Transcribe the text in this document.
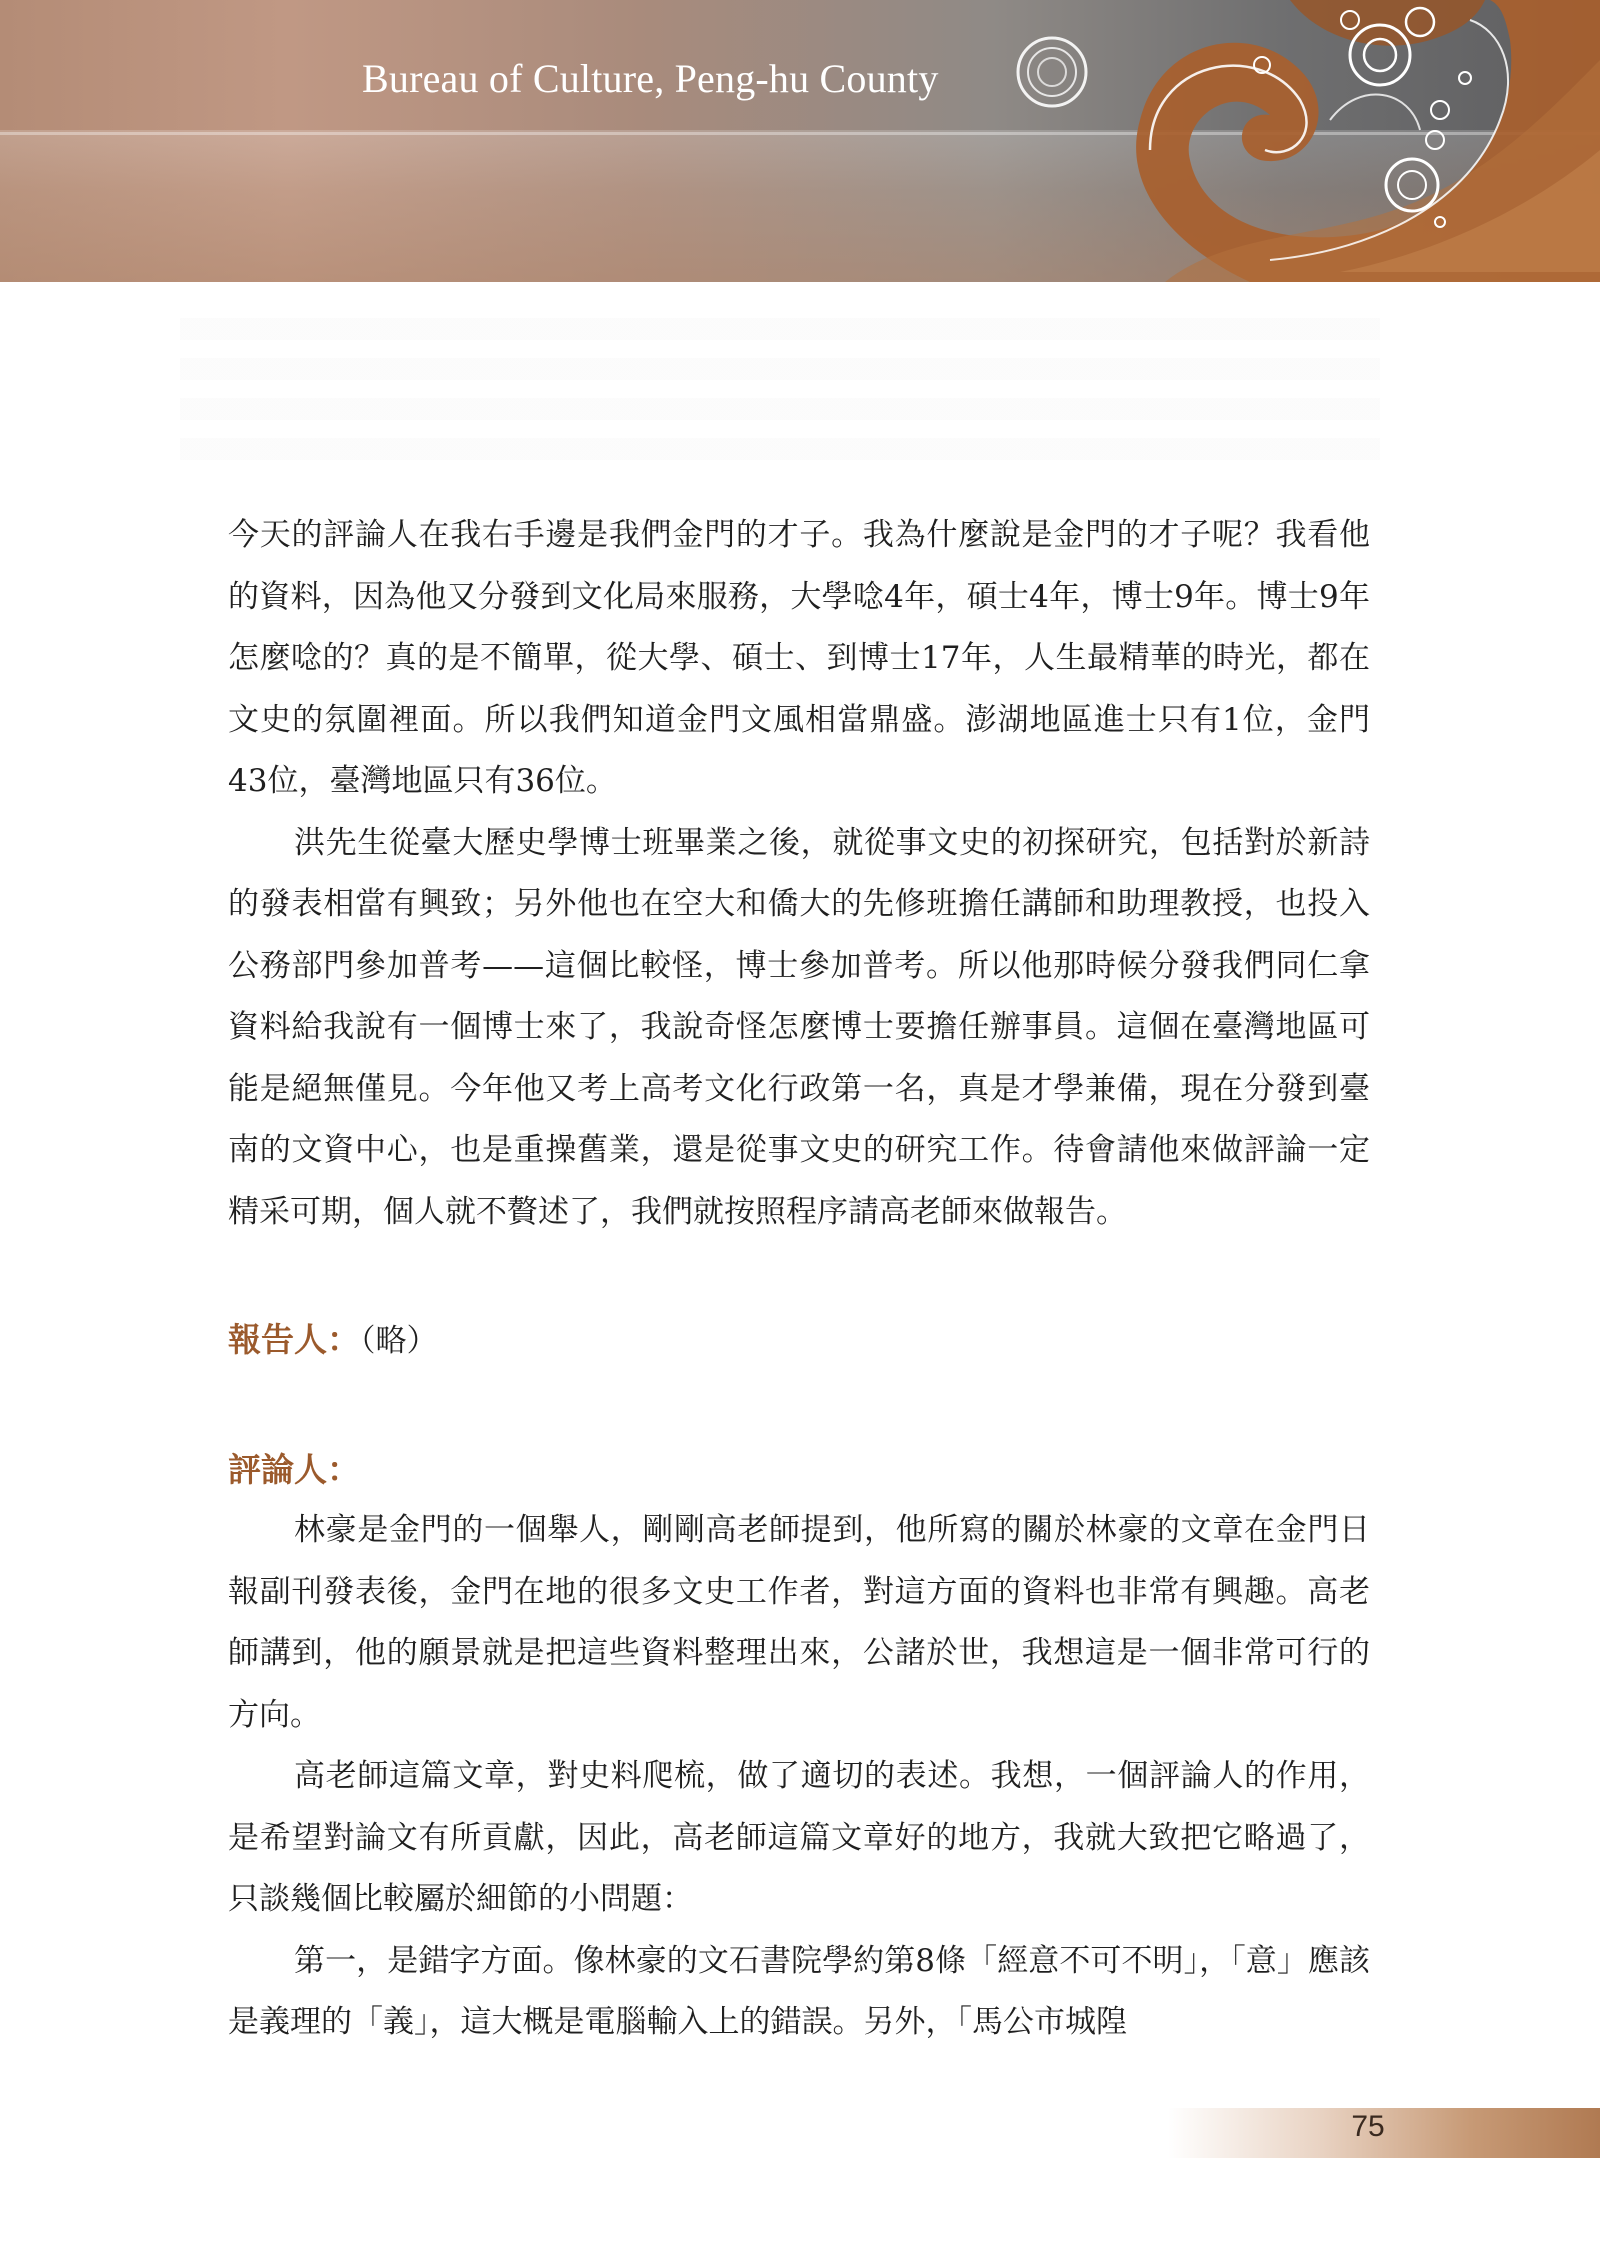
Bureau of Culture, Peng-hu County

今天的評論人在我右手邊是我們金門的才子。我為什麼說是金門的才子呢？我看他的資料，因為他又分發到文化局來服務，大學唸4年，碩士4年，博士9年。博士9年怎麼唸的？真的是不簡單，從大學、碩士、到博士17年，人生最精華的時光，都在文史的氛圍裡面。所以我們知道金門文風相當鼎盛。澎湖地區進士只有1位，金門43位，臺灣地區只有36位。

洪先生從臺大歷史學博士班畢業之後，就從事文史的初探研究，包括對於新詩的發表相當有興致；另外他也在空大和僑大的先修班擔任講師和助理教授，也投入公務部門參加普考——這個比較怪，博士參加普考。所以他那時候分發我們同仁拿資料給我說有一個博士來了，我說奇怪怎麼博士要擔任辦事員。這個在臺灣地區可能是絕無僅見。今年他又考上高考文化行政第一名，真是才學兼備，現在分發到臺南的文資中心，也是重操舊業，還是從事文史的研究工作。待會請他來做評論一定精采可期，個人就不贅述了，我們就按照程序請高老師來做報告。

報告人：（略）
評論人：

林豪是金門的一個舉人，剛剛高老師提到，他所寫的關於林豪的文章在金門日報副刊發表後，金門在地的很多文史工作者，對這方面的資料也非常有興趣。高老師講到，他的願景就是把這些資料整理出來，公諸於世，我想這是一個非常可行的方向。

高老師這篇文章，對史料爬梳，做了適切的表述。我想，一個評論人的作用，是希望對論文有所貢獻，因此，高老師這篇文章好的地方，我就大致把它略過了，只談幾個比較屬於細節的小問題：

第一，是錯字方面。像林豪的文石書院學約第8條「經意不可不明」，「意」應該是義理的「義」，這大概是電腦輸入上的錯誤。另外，「馬公市城隍

75
